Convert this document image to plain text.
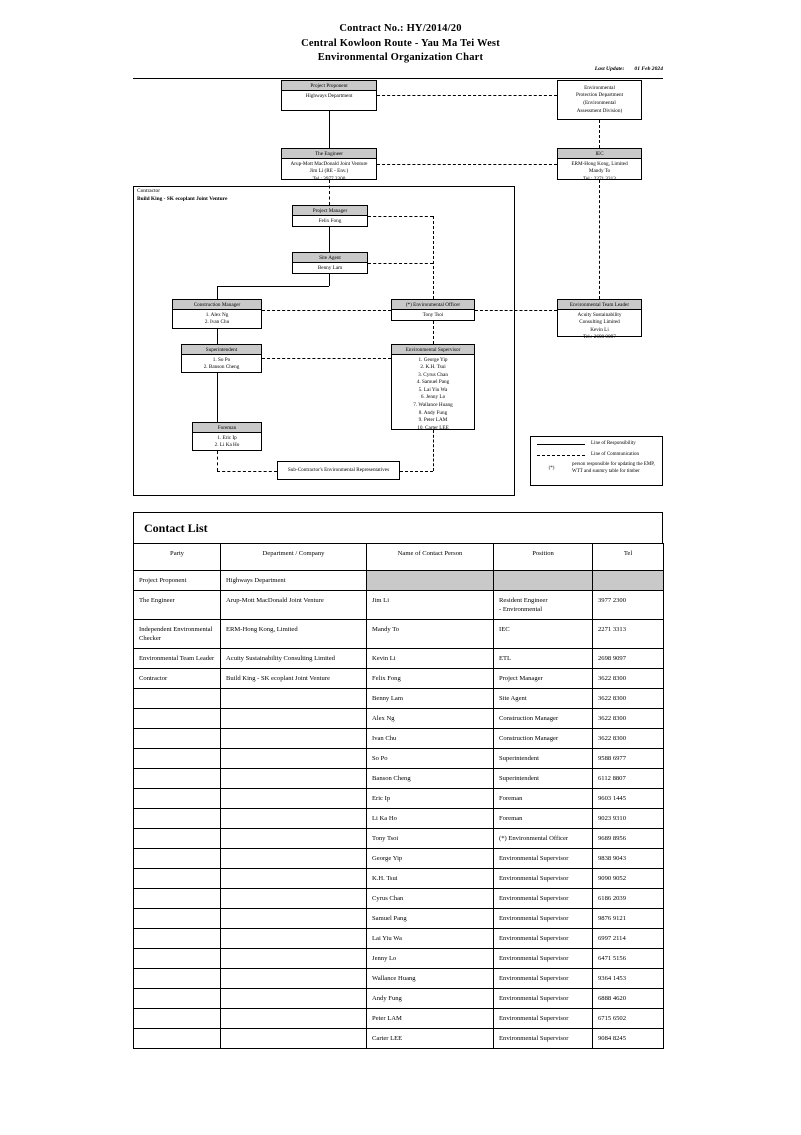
Contract No.: HY/2014/20
Central Kowloon Route - Yau Ma Tei West
Environmental Organization Chart
Last Update: 01 Feb 2024
Project Proponent
Highways Department
Environmental
Protection Department
(Environmental
Assessment Division)
The Engineer
Arup-Mott MacDonald Joint Venture
Jim Li (RE - Env.)
Tel.: 3977 2300
IEC
ERM-Hong Kong, Limited
Mandy To
Tel.: 2271 3313
Contractor
Build King - SK ecoplant Joint Venture
Project Manager
Felix Fong
Site Agent
Benny Lam
Construction Manager
1. Alex Ng
2. Ivan Chu
(*) Environmental Officer
Tony Tsoi
Environmental Team Leader
Acuity Sustainability
Consulting Limited
Kevin Li
Tel.: 2698 9097
Superintendent
1. So Po
2. Banson Cheng
Environmental Supervisor
1. George Yip
2. K.H. Tsui
3. Cyrus Chan
4. Samuel Pang
5. Lai Yiu Wa
6. Jenny Lo
7. Wallance Huang
8. Andy Fung
9. Peter LAM
10. Carter LEE
Foreman
1. Eric Ip
2. Li Ka Ho
Sub-Contractor's Environmental Representatives
Line of Responsibility
Line of Communication
(*)
person responsible for updating the EMP, WTT and sunmry table for timber
Contact List
Party	Department / Company	Name of Contact Person	Position	Tel
Project Proponent	Highways Department			
The Engineer	Arup-Mott MacDonald Joint Venture	Jim Li	Resident Engineer
- Environmental	3977 2300
Independent Environmental Checker	ERM-Hong Kong, Limited	Mandy To	IEC	2271 3313
Environmental Team Leader	Acuity Sustainability Consulting Limited	Kevin Li	ETL	2698 9097
Contractor	Build King - SK ecoplant Joint Venture	Felix Fong	Project Manager	3622 8300
		Benny Lam	Site Agent	3622 8300
		Alex Ng	Construction Manager	3622 8300
		Ivan Chu	Construction Manager	3622 8300
		So Po	Superintendent	9588 6977
		Banson Cheng	Superintendent	6112 8807
		Eric Ip	Foreman	9603 1445
		Li Ka Ho	Foreman	9023 9310
		Tony Tsoi	(*) Environmental Officer	9689 8956
		George Yip	Environmental Supervisor	9838 9043
		K.H. Tsui	Environmental Supervisor	9090 9052
		Cyrus Chan	Environmental Supervisor	6186 2039
		Samuel Pang	Environmental Supervisor	9876 9121
		Lai Yiu Wa	Environmental Supervisor	6997 2114
		Jenny Lo	Environmental Supervisor	6471 5156
		Wallance Huang	Environmental Supervisor	9364 1453
		Andy Fung	Environmental Supervisor	6888 4620
		Peter LAM	Environmental Supervisor	6715 6502
		Carter LEE	Environmental Supervisor	9084 8245
